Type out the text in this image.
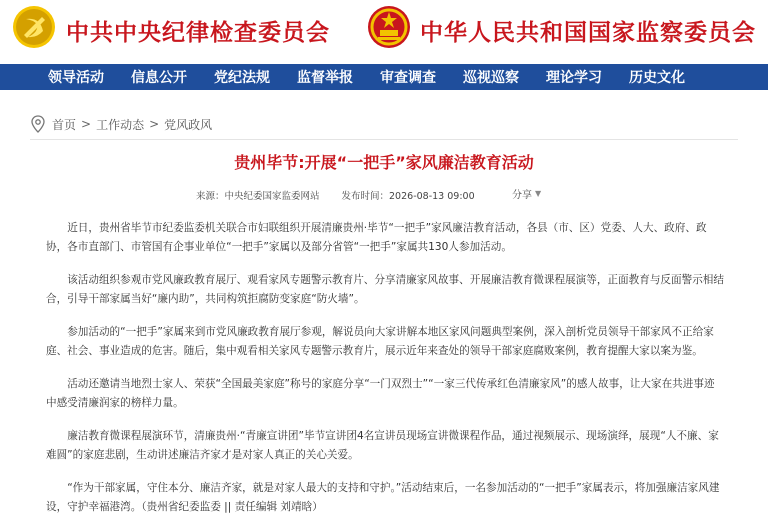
中共中央纪律检查委员会	中华人民共和国国家监察委员会
领导活动 信息公开 党纪法规 监督举报 审查调查 巡视巡察 理论学习 历史文化
首页 > 工作动态 > 党风政风
贵州毕节:开展“一把手”家风廉洁教育活动
来源：中央纪委国家监委网站 发布时间：2026-08-13 09:00	分享 ▼

近日，贵州省毕节市纪委监委机关联合市妇联组织开展清廉贵州·毕节“一把手”家风廉洁教育活动，各县（市、区）党委、人大、政府、政协，各市直部门、市管国有企事业单位“一把手”家属以及部分省管“一把手”家属共130人参加活动。

该活动组织参观市党风廉政教育展厅、观看家风专题警示教育片、分享清廉家风故事、开展廉洁教育微课程展演等，正面教育与反面警示相结合，引导干部家属当好“廉内助”，共同构筑拒腐防变家庭“防火墙”。

参加活动的“一把手”家属来到市党风廉政教育展厅参观，解说员向大家讲解本地区家风问题典型案例，深入剖析党员领导干部家风不正给家庭、社会、事业造成的危害。随后，集中观看相关家风专题警示教育片，展示近年来查处的领导干部家庭腐败案例，教育提醒大家以案为鉴。

活动还邀请当地烈士家人、荣获“全国最美家庭”称号的家庭分享“一门双烈士”“一家三代传承红色清廉家风”的感人故事，让大家在共进事迹中感受清廉润家的榜样力量。

廉洁教育微课程展演环节，清廉贵州·“青廉宣讲团”毕节宣讲团4名宣讲员现场宣讲微课程作品，通过视频展示、现场演绎，展现“人不廉、家难圆”的家庭悲剧，生动讲述廉洁齐家才是对家人真正的关心关爱。

“作为干部家属，守住本分、廉洁齐家，就是对家人最大的支持和守护。”活动结束后，一名参加活动的“一把手”家属表示，将加强廉洁家风建设，守护幸福港湾。（贵州省纪委监委 || 责任编辑 刘靖晗）
